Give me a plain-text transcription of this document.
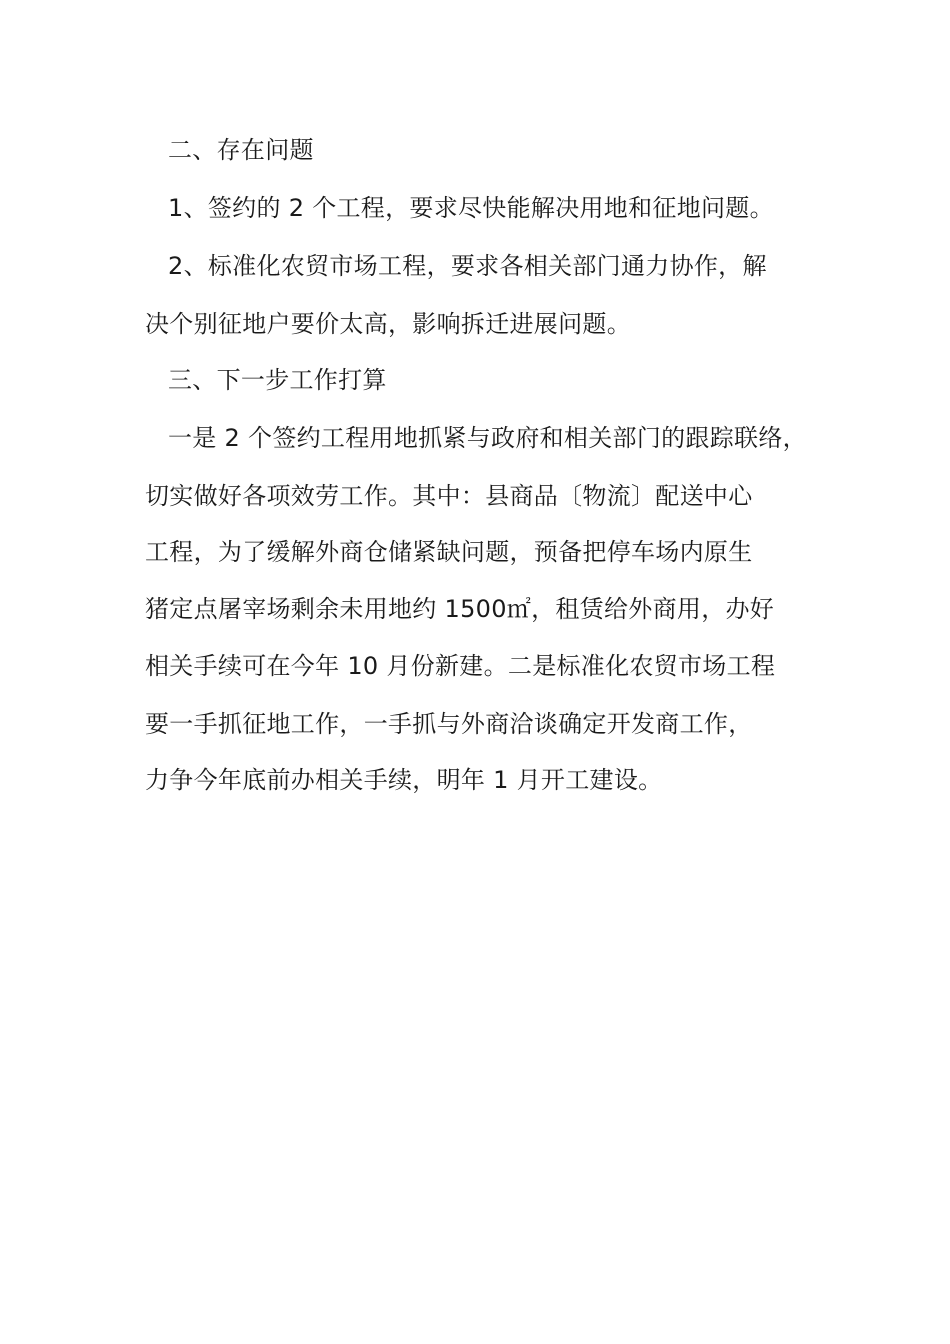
二、存在问题
1、签约的 2 个工程，要求尽快能解决用地和征地问题。
2、标准化农贸市场工程，要求各相关部门通力协作，解
决个别征地户要价太高，影响拆迁进展问题。
三、下一步工作打算
一是 2 个签约工程用地抓紧与政府和相关部门的跟踪联络，
切实做好各项效劳工作。其中：县商品〔物流〕配送中心
工程，为了缓解外商仓储紧缺问题，预备把停车场内原生
猪定点屠宰场剩余未用地约 1500㎡，租赁给外商用，办好
相关手续可在今年 10 月份新建。二是标准化农贸市场工程
要一手抓征地工作，一手抓与外商洽谈确定开发商工作，
力争今年底前办相关手续，明年 1 月开工建设。
